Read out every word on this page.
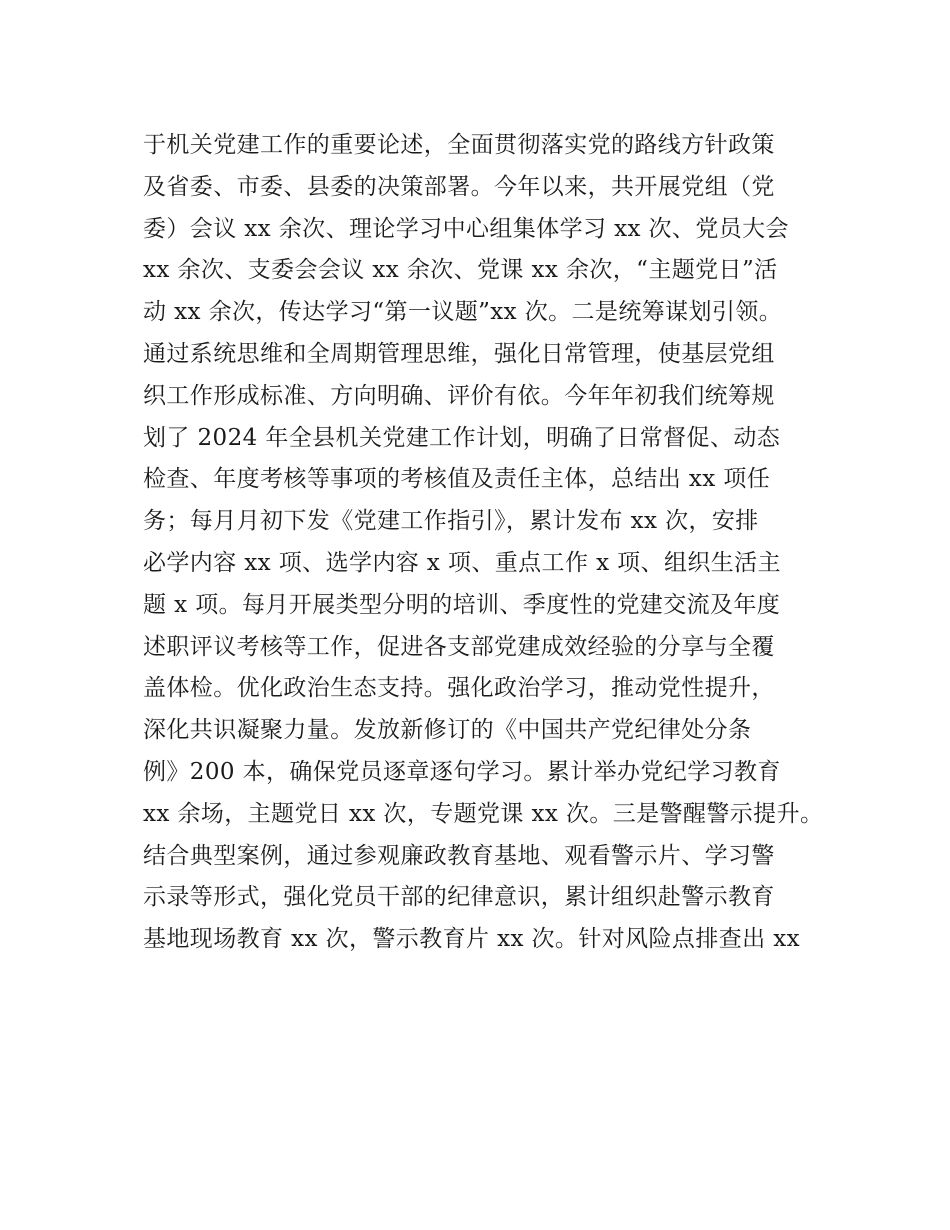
于机关党建工作的重要论述，全面贯彻落实党的路线方针政策
及省委、市委、县委的决策部署。今年以来，共开展党组（党
委）会议 xx 余次、理论学习中心组集体学习 xx 次、党员大会
xx 余次、支委会会议 xx 余次、党课 xx 余次，“主题党日”活
动 xx 余次，传达学习“第一议题”xx 次。二是统筹谋划引领。
通过系统思维和全周期管理思维，强化日常管理，使基层党组
织工作形成标准、方向明确、评价有依。今年年初我们统筹规
划了 2024 年全县机关党建工作计划，明确了日常督促、动态
检查、年度考核等事项的考核值及责任主体，总结出 xx 项任
务；每月月初下发《党建工作指引》，累计发布 xx 次，安排
必学内容 xx 项、选学内容 x 项、重点工作 x 项、组织生活主
题 x 项。每月开展类型分明的培训、季度性的党建交流及年度
述职评议考核等工作，促进各支部党建成效经验的分享与全覆
盖体检。优化政治生态支持。强化政治学习，推动党性提升，
深化共识凝聚力量。发放新修订的《中国共产党纪律处分条
例》200 本，确保党员逐章逐句学习。累计举办党纪学习教育
xx 余场，主题党日 xx 次，专题党课 xx 次。三是警醒警示提升。
结合典型案例，通过参观廉政教育基地、观看警示片、学习警
示录等形式，强化党员干部的纪律意识，累计组织赴警示教育
基地现场教育 xx 次，警示教育片 xx 次。针对风险点排查出 xx
